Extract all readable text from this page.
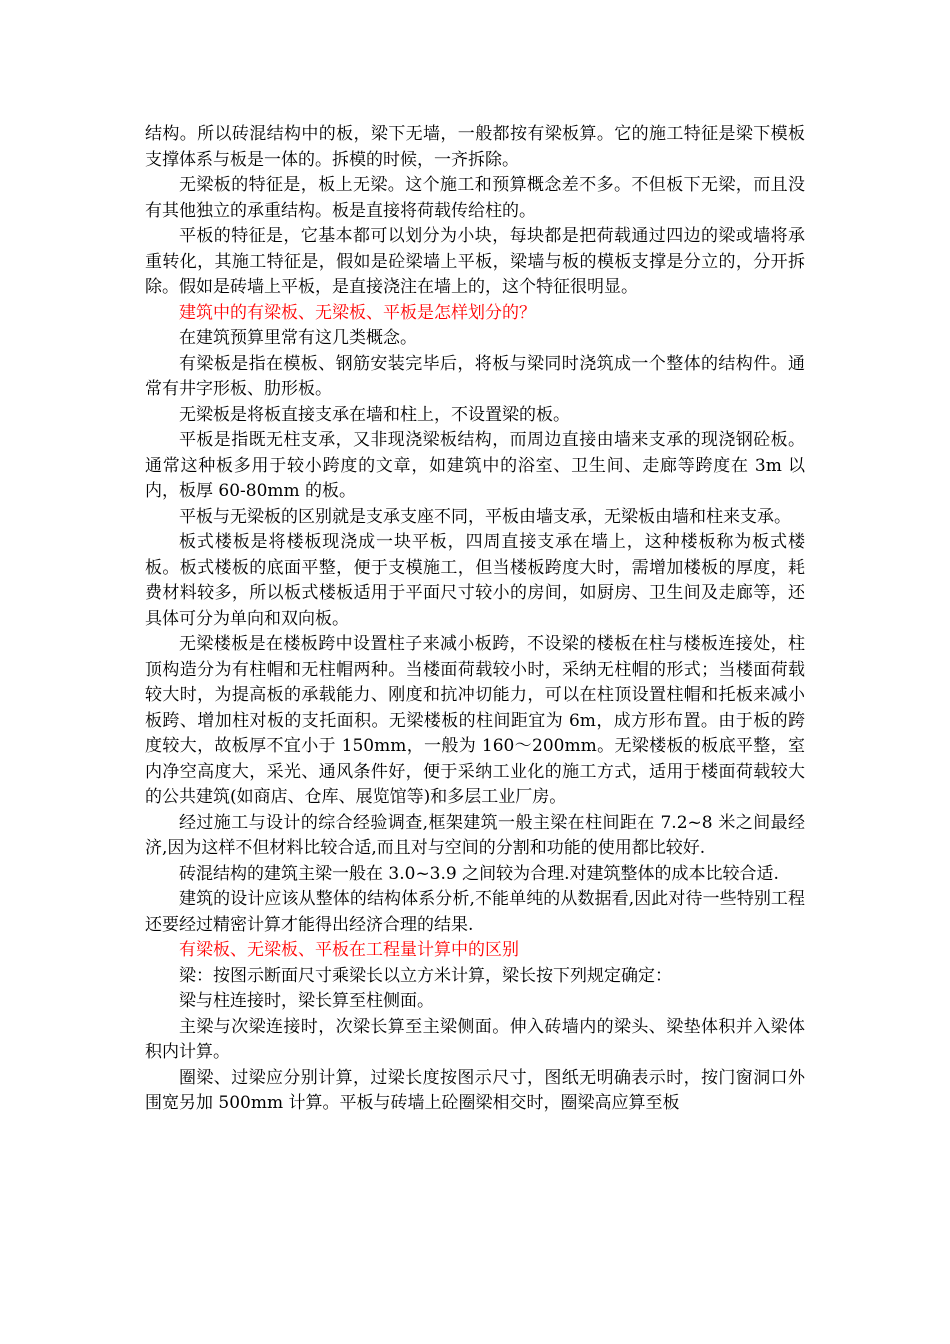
结构。所以砖混结构中的板，梁下无墙，一般都按有梁板算。它的施工特征是梁下模板支撑体系与板是一体的。拆模的时候，一齐拆除。

无梁板的特征是，板上无梁。这个施工和预算概念差不多。不但板下无梁，而且没有其他独立的承重结构。板是直接将荷载传给柱的。

平板的特征是，它基本都可以划分为小块，每块都是把荷载通过四边的梁或墙将承重转化，其施工特征是，假如是砼梁墙上平板，梁墙与板的模板支撑是分立的，分开拆除。假如是砖墙上平板，是直接浇注在墙上的，这个特征很明显。

建筑中的有梁板、无梁板、平板是怎样划分的？

在建筑预算里常有这几类概念。

有梁板是指在模板、钢筋安装完毕后，将板与梁同时浇筑成一个整体的结构件。通常有井字形板、肋形板。

无梁板是将板直接支承在墙和柱上，不设置梁的板。

平板是指既无柱支承，又非现浇梁板结构，而周边直接由墙来支承的现浇钢砼板。通常这种板多用于较小跨度的文章，如建筑中的浴室、卫生间、走廊等跨度在 3m 以内，板厚 60-80mm 的板。

平板与无梁板的区别就是支承支座不同，平板由墙支承，无梁板由墙和柱来支承。

板式楼板是将楼板现浇成一块平板，四周直接支承在墙上，这种楼板称为板式楼板。板式楼板的底面平整，便于支模施工，但当楼板跨度大时，需增加楼板的厚度，耗费材料较多，所以板式楼板适用于平面尺寸较小的房间，如厨房、卫生间及走廊等，还具体可分为单向和双向板。

无梁楼板是在楼板跨中设置柱子来减小板跨，不设梁的楼板在柱与楼板连接处，柱顶构造分为有柱帽和无柱帽两种。当楼面荷载较小时，采纳无柱帽的形式；当楼面荷载较大时，为提高板的承载能力、刚度和抗冲切能力，可以在柱顶设置柱帽和托板来减小板跨、增加柱对板的支托面积。无梁楼板的柱间距宜为 6m，成方形布置。由于板的跨度较大，故板厚不宜小于 150mm，一般为 160～200mm。无梁楼板的板底平整，室内净空高度大，采光、通风条件好，便于采纳工业化的施工方式，适用于楼面荷载较大的公共建筑(如商店、仓库、展览馆等)和多层工业厂房。

经过施工与设计的综合经验调查,框架建筑一般主梁在柱间距在 7.2~8 米之间最经济,因为这样不但材料比较合适,而且对与空间的分割和功能的使用都比较好.

砖混结构的建筑主梁一般在 3.0~3.9 之间较为合理.对建筑整体的成本比较合适.

建筑的设计应该从整体的结构体系分析,不能单纯的从数据看,因此对待一些特别工程还要经过精密计算才能得出经济合理的结果.

有梁板、无梁板、平板在工程量计算中的区别

梁：按图示断面尺寸乘梁长以立方米计算，梁长按下列规定确定：

梁与柱连接时，梁长算至柱侧面。

主梁与次梁连接时，次梁长算至主梁侧面。伸入砖墙内的梁头、梁垫体积并入梁体积内计算。

圈梁、过梁应分别计算，过梁长度按图示尺寸，图纸无明确表示时，按门窗洞口外围宽另加 500mm 计算。平板与砖墙上砼圈梁相交时，圈梁高应算至板
